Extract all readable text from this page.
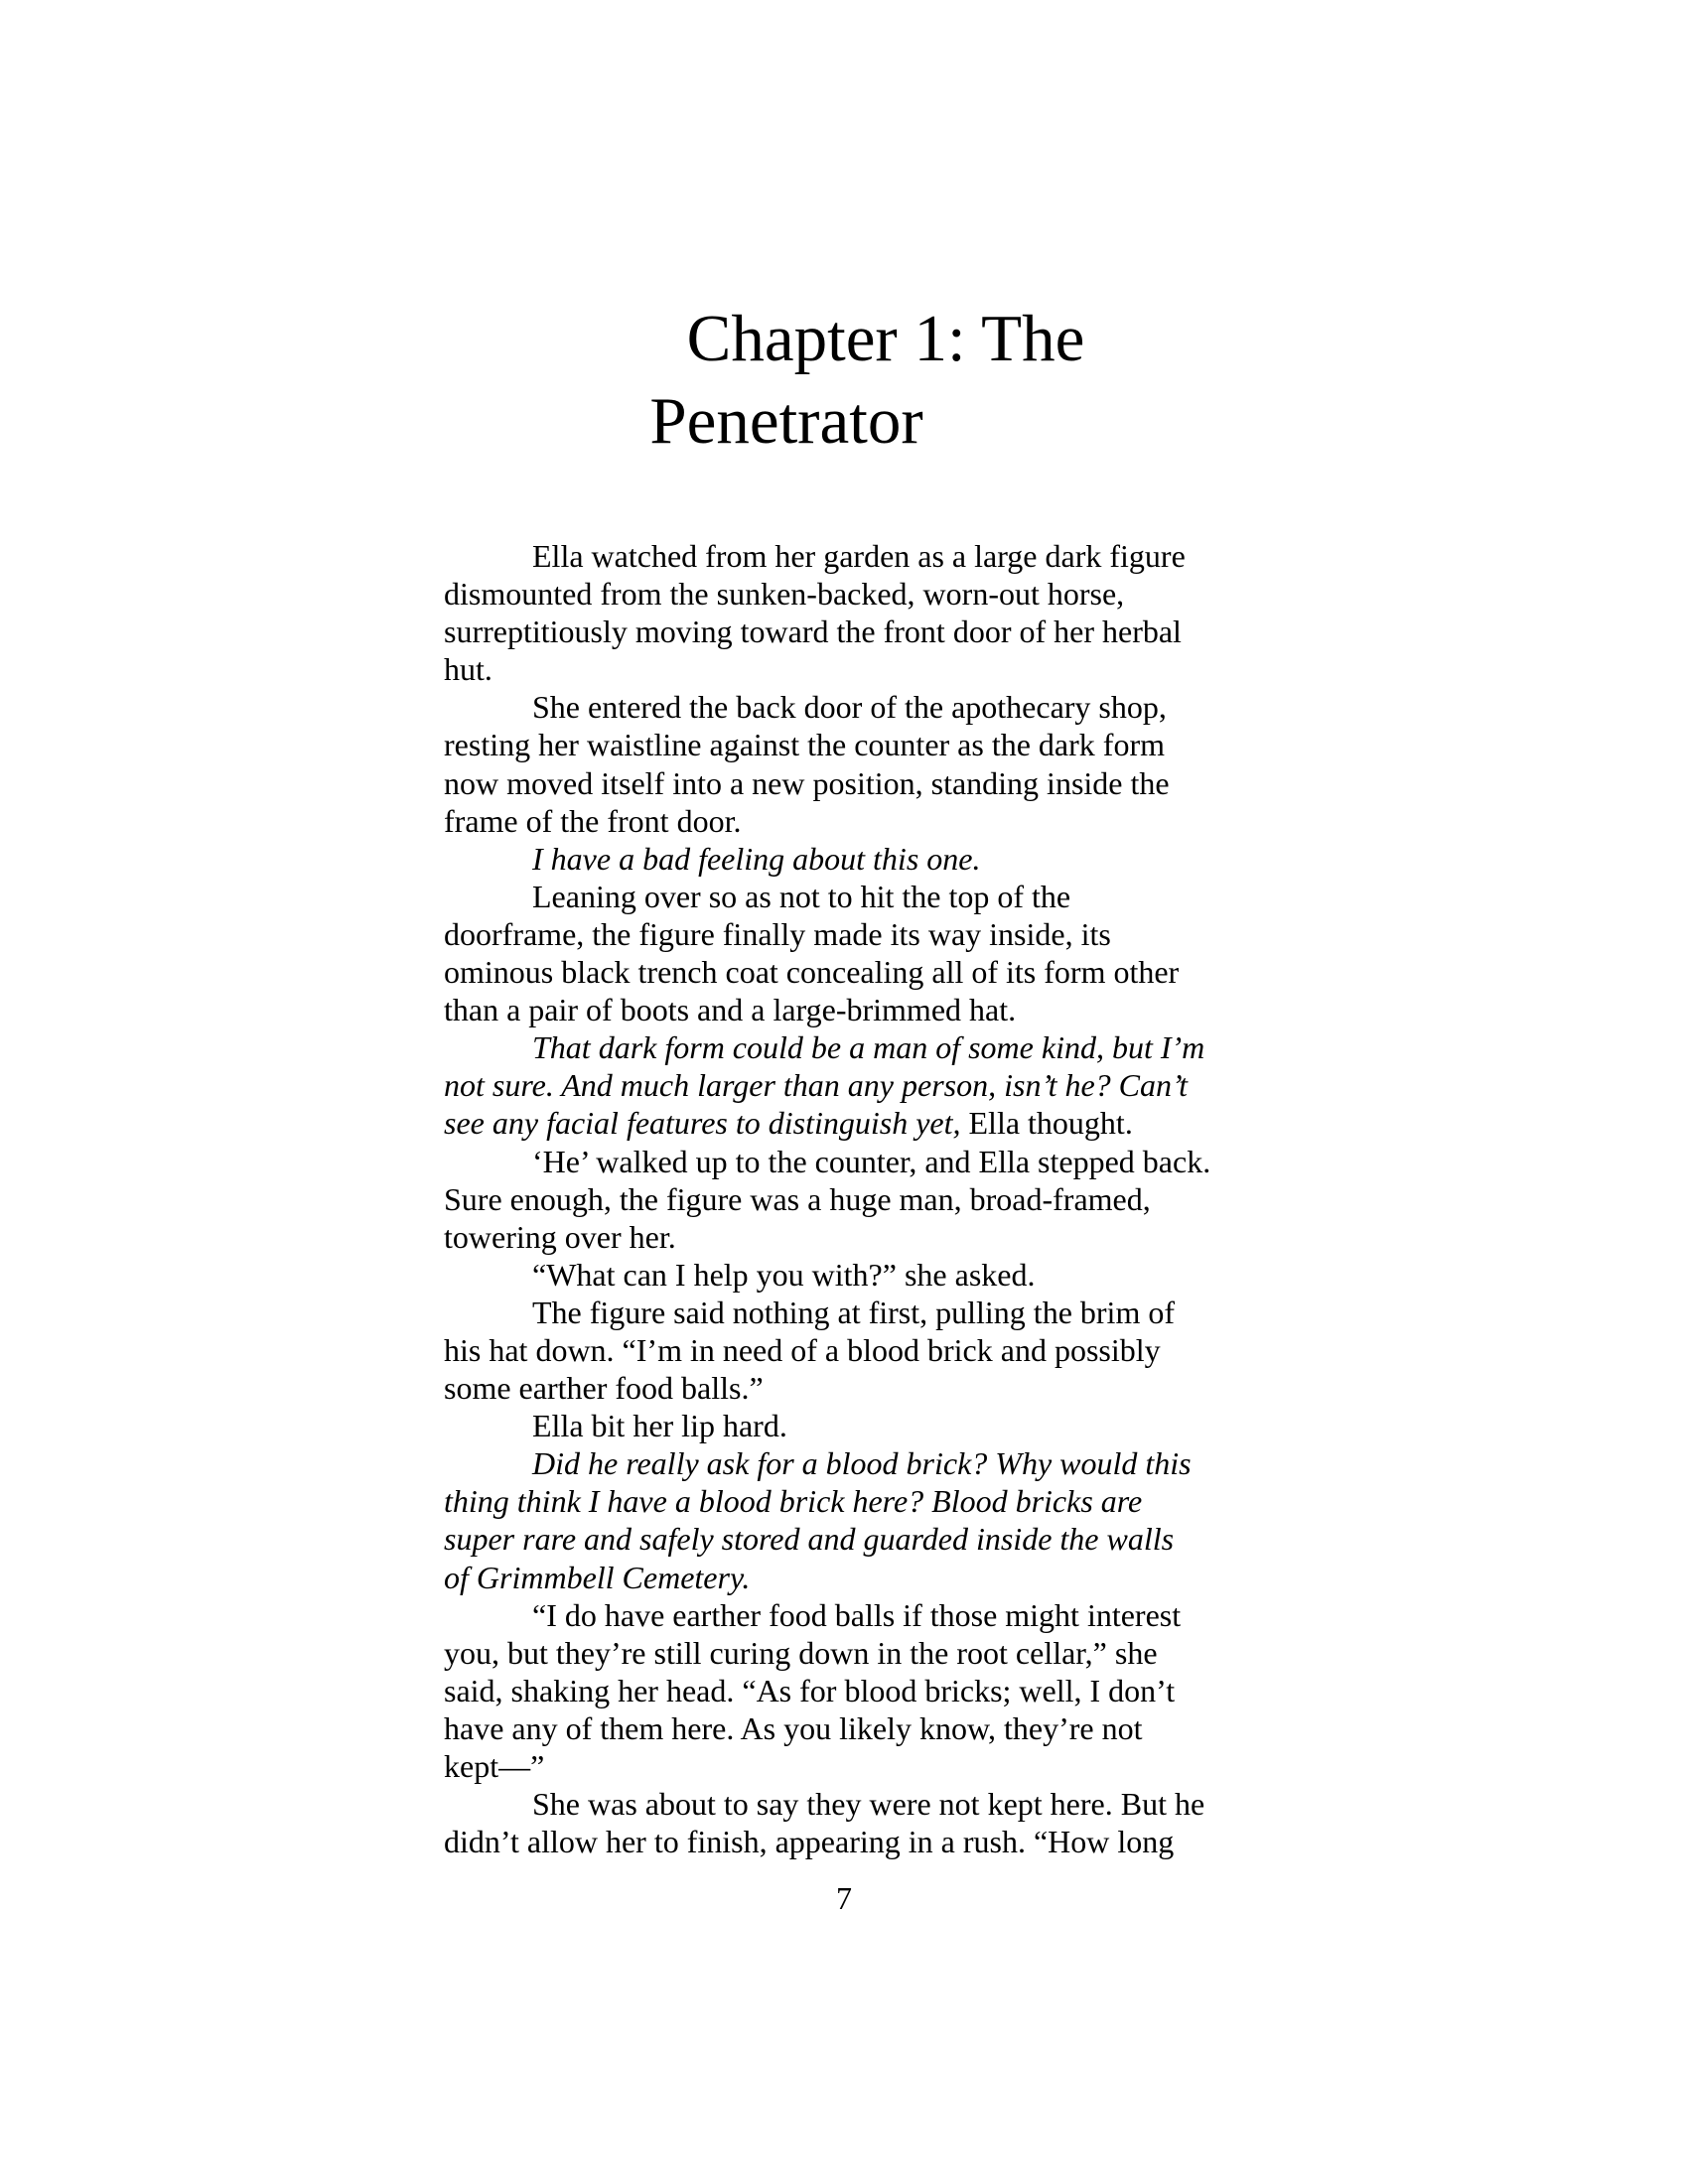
Chapter 1: The
Penetrator
Ella watched from her garden as a large dark figure
dismounted from the sunken-backed, worn-out horse,
surreptitiously moving toward the front door of her herbal
hut.
She entered the back door of the apothecary shop,
resting her waistline against the counter as the dark form
now moved itself into a new position, standing inside the
frame of the front door.
I have a bad feeling about this one.
Leaning over so as not to hit the top of the
doorframe, the figure finally made its way inside, its
ominous black trench coat concealing all of its form other
than a pair of boots and a large-brimmed hat.
That dark form could be a man of some kind, but I’m
not sure. And much larger than any person, isn’t he? Can’t
see any facial features to distinguish yet, Ella thought.
‘He’ walked up to the counter, and Ella stepped back.
Sure enough, the figure was a huge man, broad-framed,
towering over her.
“What can I help you with?” she asked.
The figure said nothing at first, pulling the brim of
his hat down. “I’m in need of a blood brick and possibly
some earther food balls.”
Ella bit her lip hard.
Did he really ask for a blood brick? Why would this
thing think I have a blood brick here? Blood bricks are
super rare and safely stored and guarded inside the walls
of Grimmbell Cemetery.
“I do have earther food balls if those might interest
you, but they’re still curing down in the root cellar,” she
said, shaking her head. “As for blood bricks; well, I don’t
have any of them here. As you likely know, they’re not
kept—”
She was about to say they were not kept here. But he
didn’t allow her to finish, appearing in a rush. “How long
7
